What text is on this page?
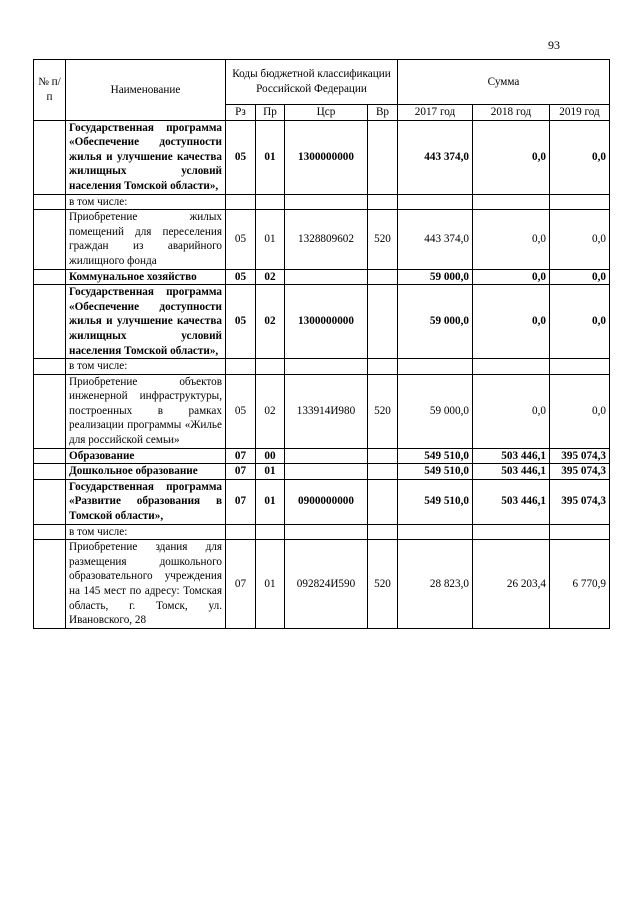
93
№ п/п	Наименование	Коды бюджетной классификации Российской Федерации				Сумма		
		Рз	Пр	Цср	Вр	2017 год	2018 год	2019 год
	Государственная программа «Обеспечение доступности жилья и улучшение качества жилищных условий населения Томской области»,	05	01	1300000000		443 374,0	0,0	0,0
	в том числе:							
	Приобретение жилых помещений для переселения граждан из аварийного жилищного фонда	05	01	1328809602	520	443 374,0	0,0	0,0
	Коммунальное хозяйство	05	02			59 000,0	0,0	0,0
	Государственная программа «Обеспечение доступности жилья и улучшение качества жилищных условий населения Томской области»,	05	02	1300000000		59 000,0	0,0	0,0
	в том числе:							
	Приобретение объектов инженерной инфраструктуры, построенных в рамках реализации программы «Жилье для российской семьи»	05	02	133914И980	520	59 000,0	0,0	0,0
	Образование	07	00			549 510,0	503 446,1	395 074,3
	Дошкольное образование	07	01			549 510,0	503 446,1	395 074,3
	Государственная программа «Развитие образования в Томской области»,	07	01	0900000000		549 510,0	503 446,1	395 074,3
	в том числе:							
	Приобретение здания для размещения дошкольного образовательного учреждения на 145 мест по адресу: Томская область, г. Томск, ул. Ивановского, 28	07	01	092824И590	520	28 823,0	26 203,4	6 770,9
